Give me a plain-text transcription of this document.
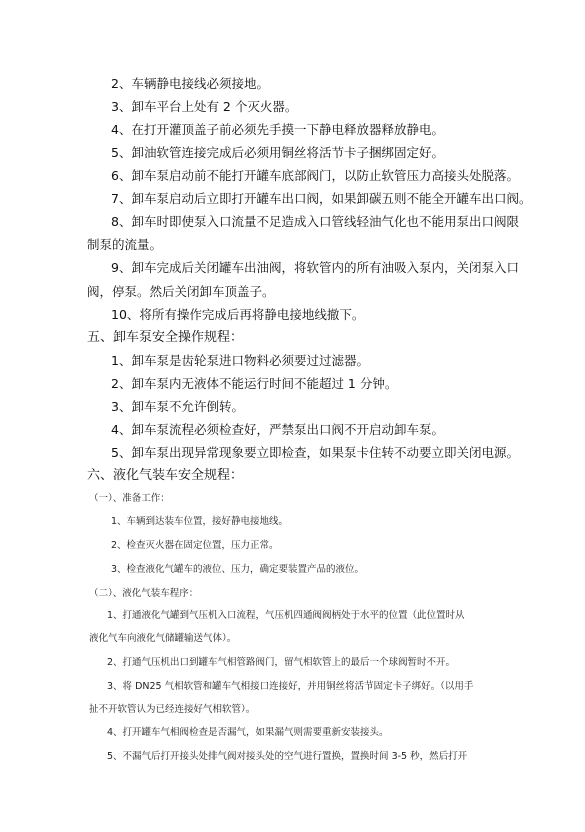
2、车辆静电接线必须接地。
3、卸车平台上处有 2 个灭火器。
4、在打开灌顶盖子前必须先手摸一下静电释放器释放静电。
5、卸油软管连接完成后必须用铜丝将活节卡子捆绑固定好。
6、卸车泵启动前不能打开罐车底部阀门，以防止软管压力高接头处脱落。
7、卸车泵启动后立即打开罐车出口阀，如果卸碳五则不能全开罐车出口阀。
8、卸车时即使泵入口流量不足造成入口管线轻油气化也不能用泵出口阀限
制泵的流量。
9、卸车完成后关闭罐车出油阀，将软管内的所有油吸入泵内，关闭泵入口
阀，停泵。然后关闭卸车顶盖子。
10、将所有操作完成后再将静电接地线撤下。
五、卸车泵安全操作规程：
1、卸车泵是齿轮泵进口物料必须要过过滤器。
2、卸车泵内无液体不能运行时间不能超过 1 分钟。
3、卸车泵不允许倒转。
4、卸车泵流程必须检查好，严禁泵出口阀不开启动卸车泵。
5、卸车泵出现异常现象要立即检查，如果泵卡住转不动要立即关闭电源。
六、液化气装车安全规程：
（一）、准备工作：
1、车辆到达装车位置，接好静电接地线。
2、检查灭火器在固定位置，压力正常。
3、检查液化气罐车的液位、压力，确定要装置产品的液位。
（二）、液化气装车程序：
1、打通液化气罐到气压机入口流程，气压机四通阀阀柄处于水平的位置（此位置时从
液化气车向液化气储罐输送气体）。
2、打通气压机出口到罐车气相管路阀门，留气相软管上的最后一个球阀暂时不开。
3、将 DN25 气相软管和罐车气相接口连接好，并用铜丝将活节固定卡子绑好。（以用手
扯不开软管认为已经连接好气相软管）。
4、打开罐车气相阀检查是否漏气，如果漏气则需要重新安装接头。
5、不漏气后打开接头处排气阀对接头处的空气进行置换，置换时间 3-5 秒，然后打开
